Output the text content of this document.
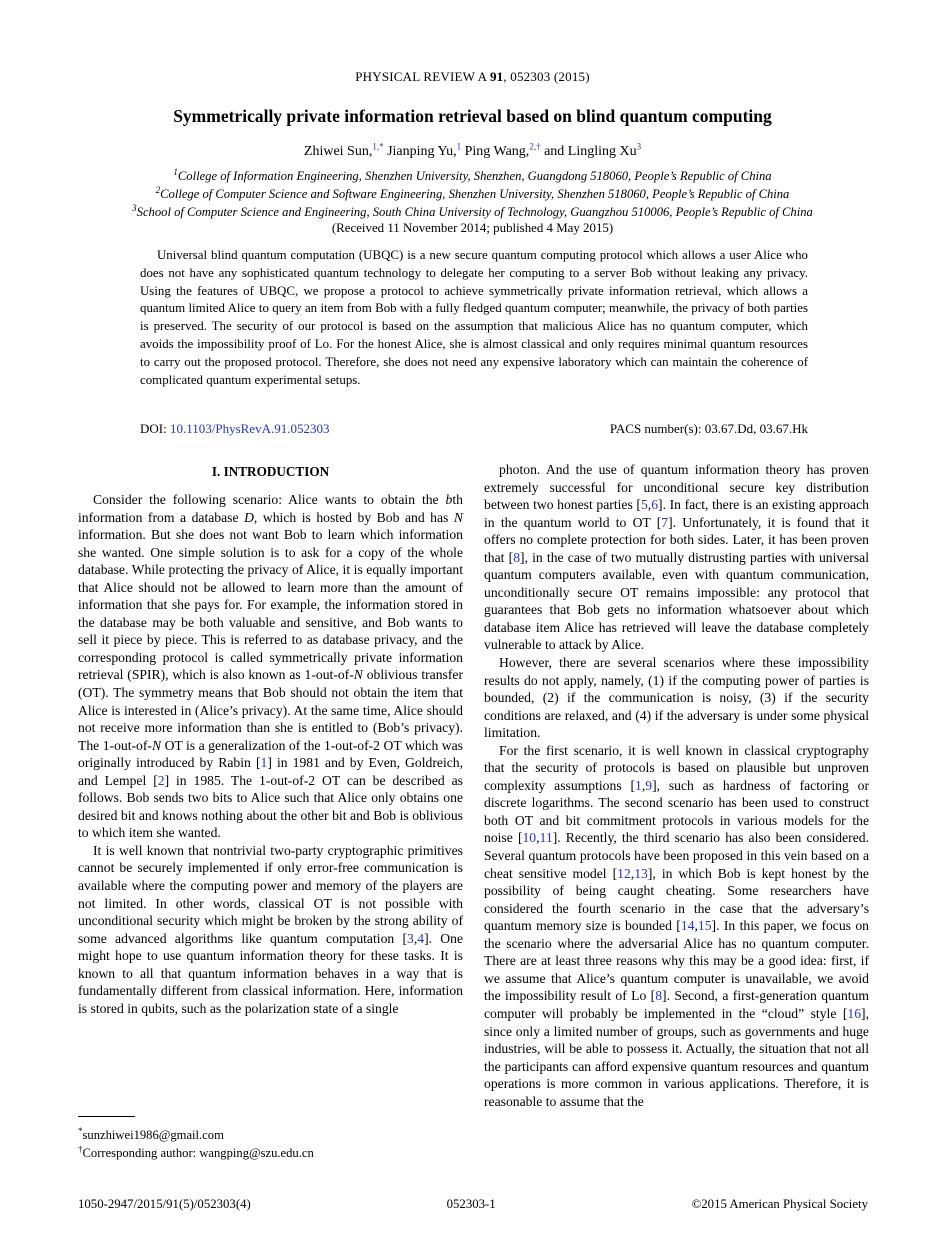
PHYSICAL REVIEW A 91, 052303 (2015)
Symmetrically private information retrieval based on blind quantum computing
Zhiwei Sun,$^{1,*}$ Jianping Yu,$^1$ Ping Wang,$^{2,\dagger}$ and Lingling Xu$^3$
$^1$College of Information Engineering, Shenzhen University, Shenzhen, Guangdong 518060, People’s Republic of China
$^2$College of Computer Science and Software Engineering, Shenzhen University, Shenzhen 518060, People’s Republic of China
$^3$School of Computer Science and Engineering, South China University of Technology, Guangzhou 510006, People’s Republic of China
(Received 11 November 2014; published 4 May 2015)
Universal blind quantum computation (UBQC) is a new secure quantum computing protocol which allows a user Alice who does not have any sophisticated quantum technology to delegate her computing to a server Bob without leaking any privacy. Using the features of UBQC, we propose a protocol to achieve symmetrically private information retrieval, which allows a quantum limited Alice to query an item from Bob with a fully fledged quantum computer; meanwhile, the privacy of both parties is preserved. The security of our protocol is based on the assumption that malicious Alice has no quantum computer, which avoids the impossibility proof of Lo. For the honest Alice, she is almost classical and only requires minimal quantum resources to carry out the proposed protocol. Therefore, she does not need any expensive laboratory which can maintain the coherence of complicated quantum experimental setups.
DOI: 10.1103/PhysRevA.91.052303	PACS number(s): 03.67.Dd, 03.67.Hk
I. INTRODUCTION

Consider the following scenario: Alice wants to obtain the bth information from a database D, which is hosted by Bob and has N information. But she does not want Bob to learn which information she wanted. One simple solution is to ask for a copy of the whole database. While protecting the privacy of Alice, it is equally important that Alice should not be allowed to learn more than the amount of information that she pays for. For example, the information stored in the database may be both valuable and sensitive, and Bob wants to sell it piece by piece. This is referred to as database privacy, and the corresponding protocol is called symmetrically private information retrieval (SPIR), which is also known as 1-out-of-N oblivious transfer (OT). The symmetry means that Bob should not obtain the item that Alice is interested in (Alice’s privacy). At the same time, Alice should not receive more information than she is entitled to (Bob’s privacy). The 1-out-of-N OT is a generalization of the 1-out-of-2 OT which was originally introduced by Rabin [1] in 1981 and by Even, Goldreich, and Lempel [2] in 1985. The 1-out-of-2 OT can be described as follows. Bob sends two bits to Alice such that Alice only obtains one desired bit and knows nothing about the other bit and Bob is oblivious to which item she wanted.

It is well known that nontrivial two-party cryptographic primitives cannot be securely implemented if only error-free communication is available where the computing power and memory of the players are not limited. In other words, classical OT is not possible with unconditional security which might be broken by the strong ability of some advanced algorithms like quantum computation [3,4]. One might hope to use quantum information theory for these tasks. It is known to all that quantum information behaves in a way that is fundamentally different from classical information. Here, information is stored in qubits, such as the polarization state of a single

photon. And the use of quantum information theory has proven extremely successful for unconditional secure key distribution between two honest parties [5,6]. In fact, there is an existing approach in the quantum world to OT [7]. Unfortunately, it is found that it offers no complete protection for both sides. Later, it has been proven that [8], in the case of two mutually distrusting parties with universal quantum computers available, even with quantum communication, unconditionally secure OT remains impossible: any protocol that guarantees that Bob gets no information whatsoever about which database item Alice has retrieved will leave the database completely vulnerable to attack by Alice.

However, there are several scenarios where these impossibility results do not apply, namely, (1) if the computing power of parties is bounded, (2) if the communication is noisy, (3) if the security conditions are relaxed, and (4) if the adversary is under some physical limitation.

For the first scenario, it is well known in classical cryptography that the security of protocols is based on plausible but unproven complexity assumptions [1,9], such as hardness of factoring or discrete logarithms. The second scenario has been used to construct both OT and bit commitment protocols in various models for the noise [10,11]. Recently, the third scenario has also been considered. Several quantum protocols have been proposed in this vein based on a cheat sensitive model [12,13], in which Bob is kept honest by the possibility of being caught cheating. Some researchers have considered the fourth scenario in the case that the adversary’s quantum memory size is bounded [14,15]. In this paper, we focus on the scenario where the adversarial Alice has no quantum computer. There are at least three reasons why this may be a good idea: first, if we assume that Alice’s quantum computer is unavailable, we avoid the impossibility result of Lo [8]. Second, a first-generation quantum computer will probably be implemented in the “cloud” style [16], since only a limited number of groups, such as governments and huge industries, will be able to possess it. Actually, the situation that not all the participants can afford expensive quantum resources and quantum operations is more common in various applications. Therefore, it is reasonable to assume that the

*sunzhiwei1986@gmail.com
†Corresponding author: wangping@szu.edu.cn
1050-2947/2015/91(5)/052303(4)	052303-1	©2015 American Physical Society
